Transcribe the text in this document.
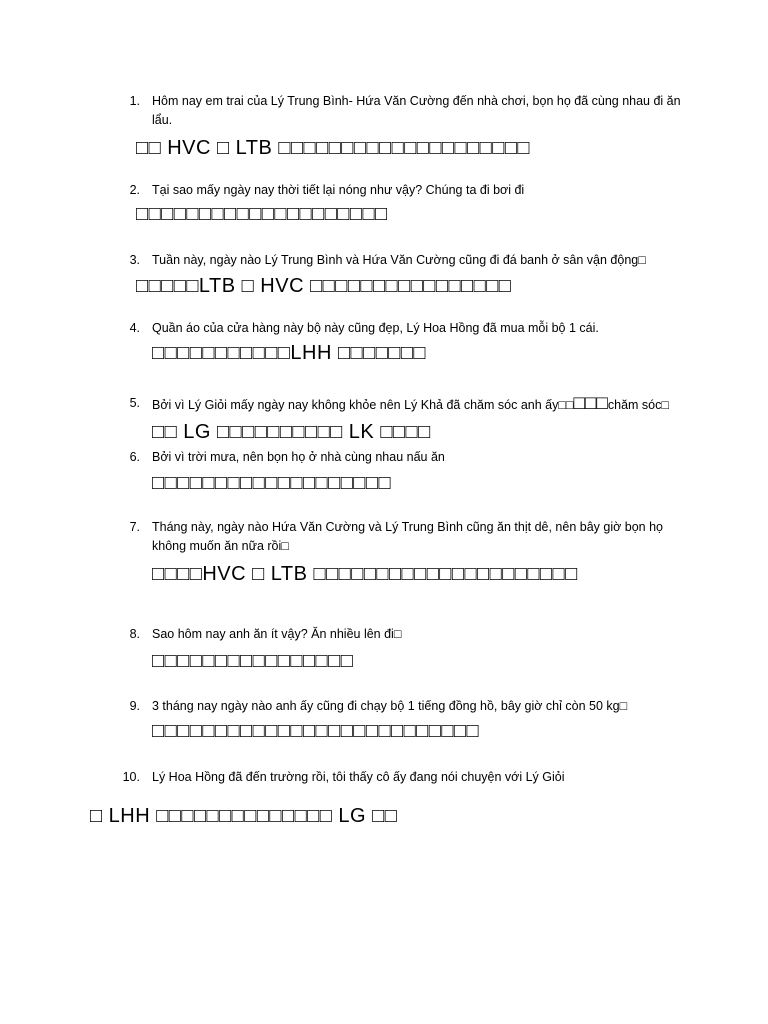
1. Hôm nay em trai của Lý Trung Bình- Hứa Văn Cường đến nhà chơi, bọn họ đã cùng nhau đi ăn lẩu.
□□ HVC □ LTB □□□□□□□□□□□□□□□□□□□□
2. Tại sao mấy ngày nay thời tiết lại nóng như vậy? Chúng ta đi bơi đi
□□□□□□□□□□□□□□□□□□□□
3. Tuần này, ngày nào Lý Trung Bình và Hứa Văn Cường cũng đi đá banh ở sân vận động□
□□□□□LTB □ HVC □□□□□□□□□□□□□□□□
4. Quần áo của cửa hàng này bộ này cũng đẹp, Lý Hoa Hồng đã mua mỗi bộ 1 cái.
□□□□□□□□□□□LHH □□□□□□□
5. Bởi vì Lý Giỏi mấy ngày nay không khỏe nên Lý Khả đã chăm sóc anh ấy□□□□□chăm sóc□
□□ LG □□□□□□□□□□ LK □□□□
6. Bởi vì trời mưa, nên bọn họ ở nhà cùng nhau nấu ăn
□□□□□□□□□□□□□□□□□□□
7. Tháng này, ngày nào Hứa Văn Cường và Lý Trung Bình cũng ăn thịt dê, nên bây giờ bọn họ không muốn ăn nữa rồi□
□□□□HVC □ LTB □□□□□□□□□□□□□□□□□□□□□
8. Sao hôm nay anh ăn ít vậy? Ăn nhiều lên đi□
□□□□□□□□□□□□□□□□
9. 3 tháng nay ngày nào anh ấy cũng đi chạy bộ 1 tiếng đồng hồ, bây giờ chỉ còn 50 kg□
□□□□□□□□□□□□□□□□□□□□□□□□□□
10. Lý Hoa Hồng đã đến trường rồi, tôi thấy cô ấy đang nói chuyện với Lý Giỏi
□ LHH □□□□□□□□□□□□□□ LG □□
